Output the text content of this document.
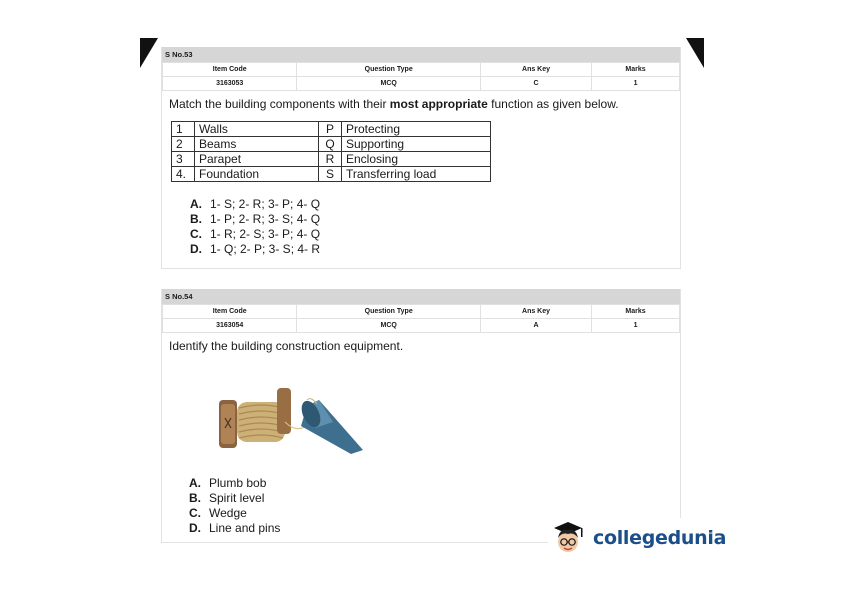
S No.53
Item Code	Question Type	Ans Key	Marks
3163053	MCQ	C	1
Match the building components with their most appropriate function as given below.
1	Walls	P	Protecting
2	Beams	Q	Supporting
3	Parapet	R	Enclosing
4.	Foundation	S	Transferring load
A. 1- S; 2- R; 3- P; 4- Q
B. 1- P; 2- R; 3- S; 4- Q
C. 1- R; 2- S; 3- P; 4- Q
D. 1- Q; 2- P; 3- S; 4- R
S No.54
Item Code	Question Type	Ans Key	Marks
3163054	MCQ	A	1
Identify the building construction equipment.
A. Plumb bob
B. Spirit level
C. Wedge
D. Line and pins	collegedunia
